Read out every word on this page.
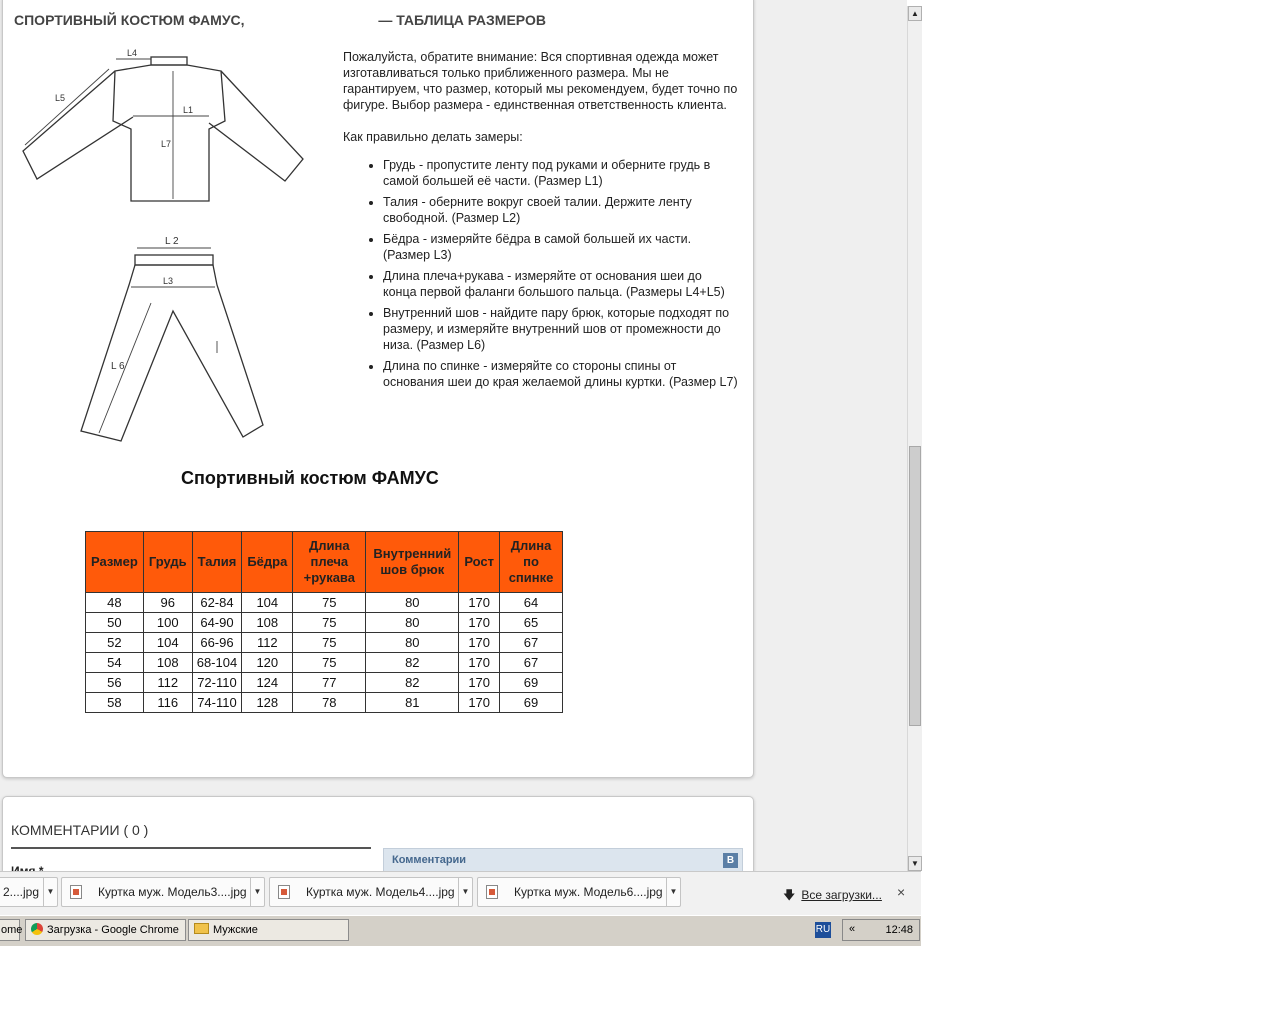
СПОРТИВНЫЙ КОСТЮМ ФАМУС,	— ТАБЛИЦА РАЗМЕРОВ
L4
L5
L1
L7
L 2
L3
L 6

Пожалуйста, обратите внимание: Вся спортивная одежда может изготавливаться только приближенного размера. Мы не гарантируем, что размер, который мы рекомендуем, будет точно по фигуре. Выбор размера - единственная ответственность клиента.

Как правильно делать замеры:

• Грудь - пропустите ленту под руками и оберните грудь в самой большей её части. (Размер L1)
• Талия - оберните вокруг своей талии. Держите ленту свободной. (Размер L2)
• Бёдра - измеряйте бёдра в самой большей их части. (Размер L3)
• Длина плеча+рукава - измеряйте от основания шеи до конца первой фаланги большого пальца. (Размеры L4+L5)
• Внутренний шов - найдите пару брюк, которые подходят по размеру, и измеряйте внутренний шов от промежности до низа. (Размер L6)
• Длина по спинке - измеряйте со стороны спины от основания шеи до края желаемой длины куртки. (Размер L7)
Спортивный костюм ФАМУС
Размер	Грудь	Талия	Бёдра	Длина плеча +рукава	Внутренний шов брюк	Рост	Длина по спинке
48	96	62-84	104	75	80	170	64
50	100	64-90	108	75	80	170	65
52	104	66-96	112	75	80	170	67
54	108	68-104	120	75	82	170	67
56	112	72-110	124	77	82	170	69
58	116	74-110	128	78	81	170	69
КОММЕНТАРИИ ( 0 )
Комментарии	В
▲
▼
2....jpg ▼	Куртка муж. Модель3....jpg ▼	Куртка муж. Модель4....jpg ▼	Куртка муж. Модель6....jpg ▼	🡇 Все загрузки... ×
ome	Загрузка - Google Chrome	Мужские	RU «	12:48
